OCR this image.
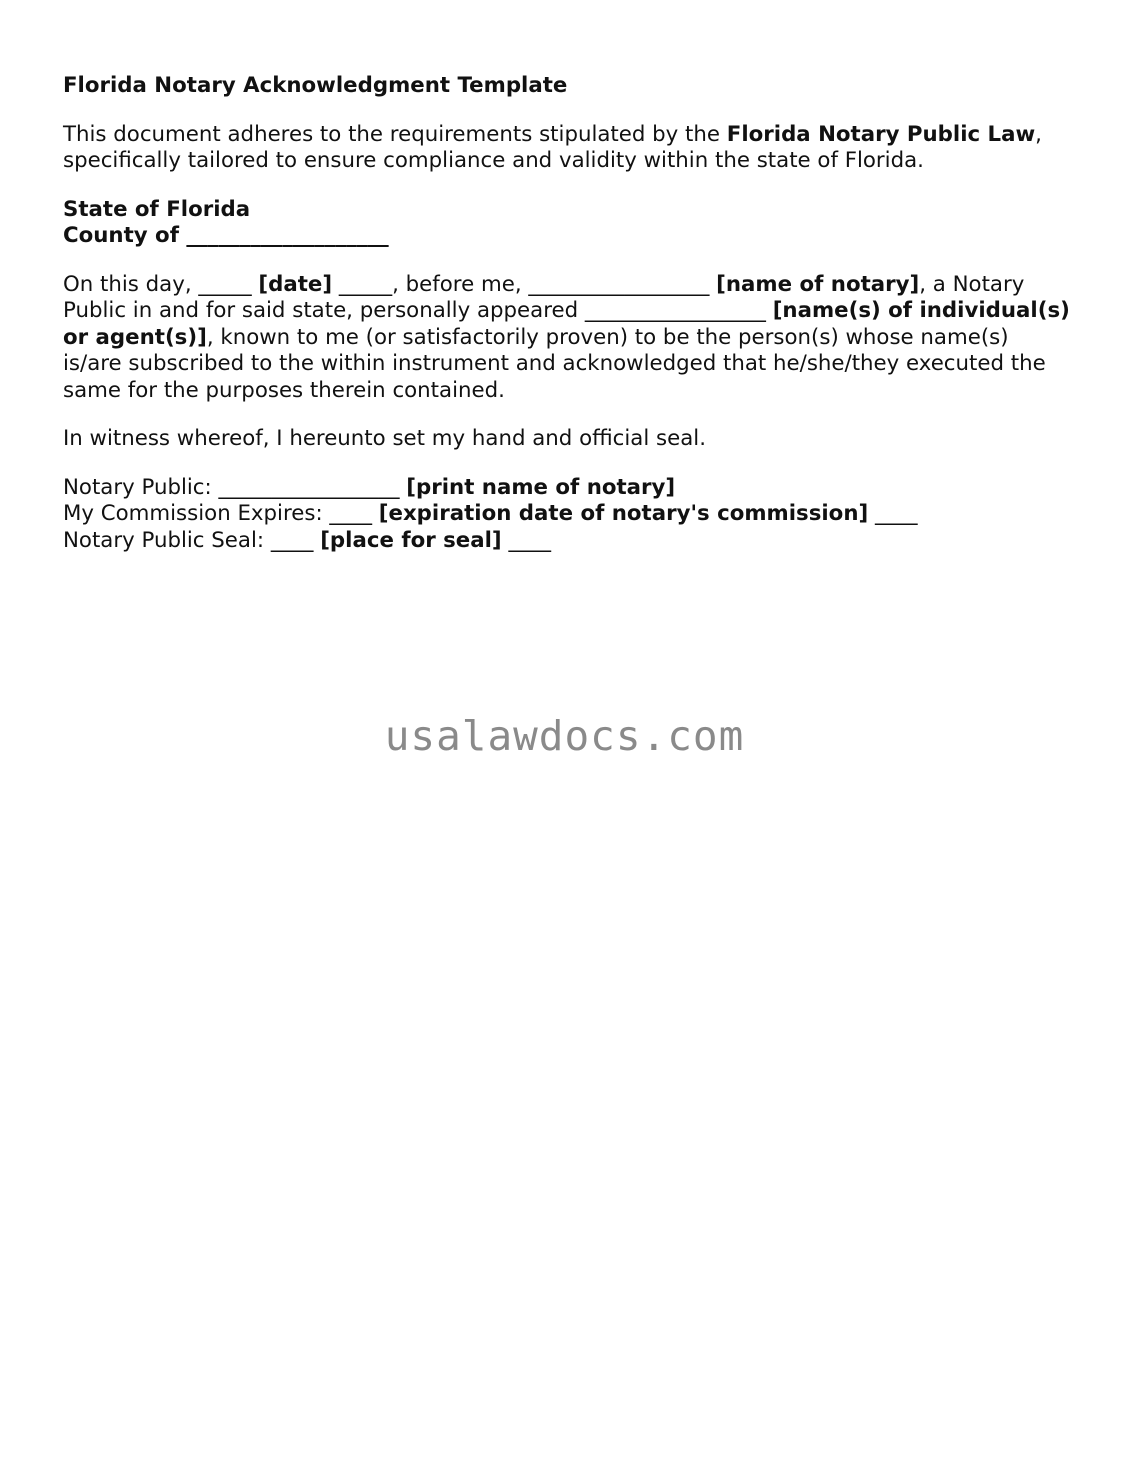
Florida Notary Acknowledgment Template

This document adheres to the requirements stipulated by the Florida Notary Public Law, specifically tailored to ensure compliance and validity within the state of Florida.

State of Florida
County of ___________________

On this day, _____ [date] _____, before me, _________________ [name of notary], a Notary Public in and for said state, personally appeared _________________ [name(s) of individual(s) or agent(s)], known to me (or satisfactorily proven) to be the person(s) whose name(s) is/are subscribed to the within instrument and acknowledged that he/she/they executed the same for the purposes therein contained.

In witness whereof, I hereunto set my hand and official seal.

Notary Public: _________________ [print name of notary]
My Commission Expires: ____ [expiration date of notary's commission] ____
Notary Public Seal: ____ [place for seal] ____
usalawdocs.com
